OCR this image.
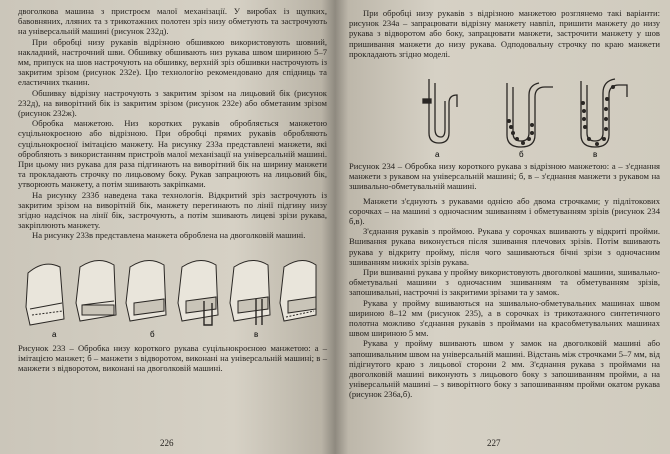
двоголкова машина з пристроєм малої механізації. У виробах із щупких, бавовняних, лляних та з трикотажних полотен зріз низу обметують та застрочують на універсальній машині (рисунок 232д).

При обробці низу рукавів відрізною обшивкою використовують шовний, накладний, настрочний шви. Обшивку обшивають низ рукава швом шириною 5–7 мм, припуск на шов настрочують на обшивку, верхній зріз обшивки настрочують із закритим зрізом (рисунок 232е). Цю технологію рекомендовано для спідниць та еластичних тканин.

Обшивку відрізну настрочують з закритим зрізом на лицьовий бік (рисунок 232д), на виворітний бік із закритим зрізом (рисунок 232е) або обметаним зрізом (рисунок 232ж).

Обробка манжетою. Низ коротких рукавів обробляється манжетою суцільнокроєною або відрізною. При обробці прямих рукавів обробляють суцільнокроєної імітацією манжету. На рисунку 233а представлені манжети, які обробляють з використанням пристроїв малої механізації на універсальній машині. При цьому низ рукава для раза підгинають на виворітний бік на ширину манжети та прокладають строчку по лицьовому боку. Рукав запрацюють на лицьовий бік, утворюють манжету, а потім зшивають закріпками.

На рисунку 233б наведена така технологія. Відкритий зріз застрочують із закритим зрізом на виворітній бік, манжету перегинають по лінії підгину низу згідно надсічок на лінії бік, застрочують, а потім зшивають лицеві зрізи рукава, закріплюють манжету.

На рисунку 233в представлена манжета оброблена на двоголковій машині.

а	б	в
Рисунок 233 – Обробка низу короткого рукава суцільнокроєною манжетою: а – імітацією манжет; б – манжети з відворотом, виконані на універсальній машині; в – манжети з відворотом, виконані на двоголковій машині.
226

При обробці низу рукавів з відрізною манжетою розглянемо такі варіанти: рисунок 234а – запрацювати відрізну манжету навпіл, пришити манжету до низу рукава з відворотом або боку, запрацювати манжети, застрочити манжету у шов пришивання манжети до низу рукава. Одподовальну строчку по краю манжети прокладають згідно моделі.

а	б	в
Рисунок 234 – Обробка низу короткого рукава з відрізною манжетою: а – з'єднання манжети з рукавом на універсальній машині; б, в – з'єднання манжети з рукавом на зшивально-обметувальній машині.

Манжети з'єднують з рукавами однією або двома строчками; у підлітокових сорочках – на машині з одночасним зшиванням і обметуванням зрізів (рисунок 234 б,в).

З'єднання рукавів з проймою. Рукава у сорочках вшивають у відкриті пройми. Вшивання рукава виконується після зшивання плечових зрізів. Потім вшивають рукава у відкриту пройму, після чого зашиваються бічні зрізи з одночасним зшиванням нижніх зрізів рукава.

При вшиванні рукава у пройму використовують двоголкові машини, зшивально-обметувальні машини з одночасним зшиванням та обметуванням зрізів, запошивальні, настрочні із закритими зрізами та у замок.

Рукава у пройму вшиваються на зшивально-обметувальних машинах швом шириною 8–12 мм (рисунок 235), а в сорочках із трикотажного синтетичного полотна можливо з'єднання рукавів з проймами на красобметувальних машинах швом шириною 5 мм.

Рукава у пройму вшивають швом у замок на двоголковій машині або запошивальним швом на універсальній машині. Відстань між строчками 5–7 мм, від підігнутого краю з лицьової сторони 2 мм. З'єднання рукава з проймами на двоголковій машині виконують з лицьового боку з запошиванням пройми, а на універсальній машині – з виворітного боку з запошиванням пройми окатом рукава (рисунок 236а,б).

227
